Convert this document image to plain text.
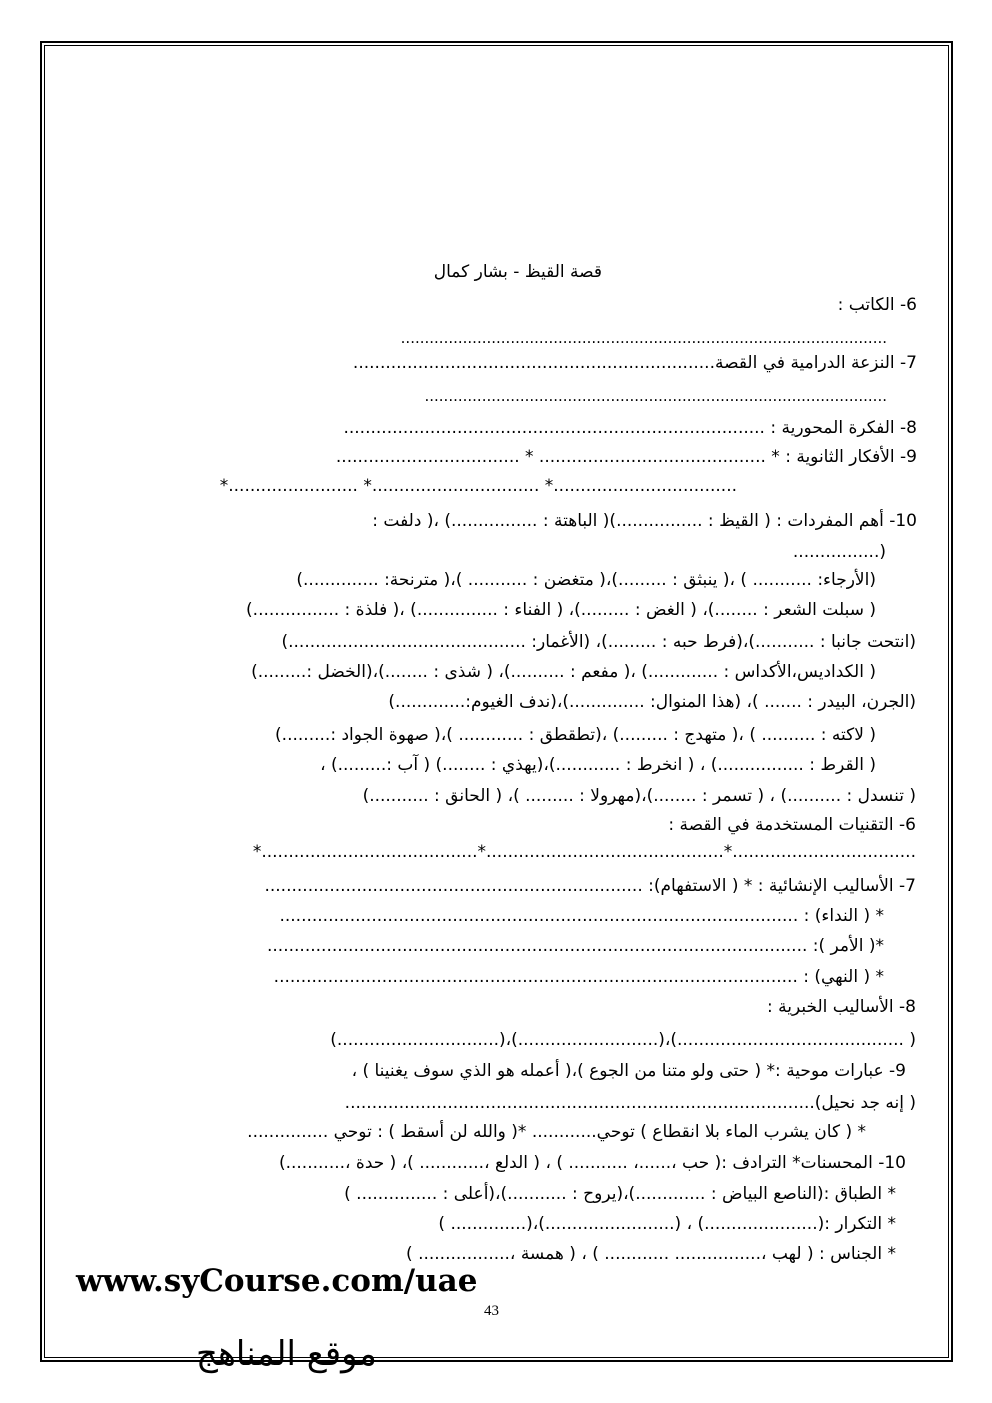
قصة القيظ - بشار كمال
6- الكاتب :
......................................................................................................
7- النزعة الدرامية في القصة...................................................................
.................................................................................................
8- الفكرة المحورية : ..............................................................................
9- الأفكار الثانوية : * .......................................... * ..................................
*........................ *............................... *..................................
10- أهم المفردات : ( القيظ : ................)( الباهتة : ................) ،( دلفت :
................)
(الأرجاء: ........... ) ،( ينبثق : .........)،( متغضن : ........... )،( مترنحة: ..............)
( سبلت الشعر : ........)، ( الغض : .........)، ( الفناء : ...............) ،( فلذة : ................)
(انتحت جانبا : ...........)،(فرط حبه : .........)، (الأغمار: ............................................)
( الكداديس،الأكداس : .............) ،( مفعم : ..........)، ( شذى : ........)،(الخضل :.........)
(الجرن، البيدر : ....... )، (هذا المنوال: ..............)،(ندف الغيوم:.............)
( لاكته : .......... ) ،( متهدج : .........) ،(تطقطق : ............ )،( صهوة الجواد :.........)
( القرط : ................) ، ( انخرط : ............)،(يهذي : ........) ( آب :.........) ،
( تنسدل : ..........) ، ( تسمر : ........)،(مهرولا : ......... )، ( الحانق : ...........)
6- التقنيات المستخدمة في القصة :
*........................................*............................................*..................................
7- الأساليب الإنشائية : * ( الاستفهام): ......................................................................
* ( النداء) : ................................................................................................
*( الأمر ): ....................................................................................................
* ( النهي) : .................................................................................................
8- الأساليب الخبرية :
(..............................)،(..........................)،(.......................................... )
9- عبارات موحية :* ( حتى ولو متنا من الجوع )،( أعمله هو الذي سوف يغنينا ) ،
( إنه جد نحيل).......................................................................................
* ( كان يشرب الماء بلا انقطاع ) توحي............ *( والله لن أسقط ) : توحي ...............
10- المحسنات* الترادف :( حب ،......، ........... ) ، ( الدلع ،............ )، ( حدة ،...........)
* الطباق :(الناصع البياض : .............)،(يروح : ...........)،(أعلى : ............... )
* التكرار :(.....................) ، (........................)،(.............. )
* الجناس : ( لهب ،................ ............ ) ، ( همسة ،................. )
www.syCourse.com/uae
43
موقع المناهج
